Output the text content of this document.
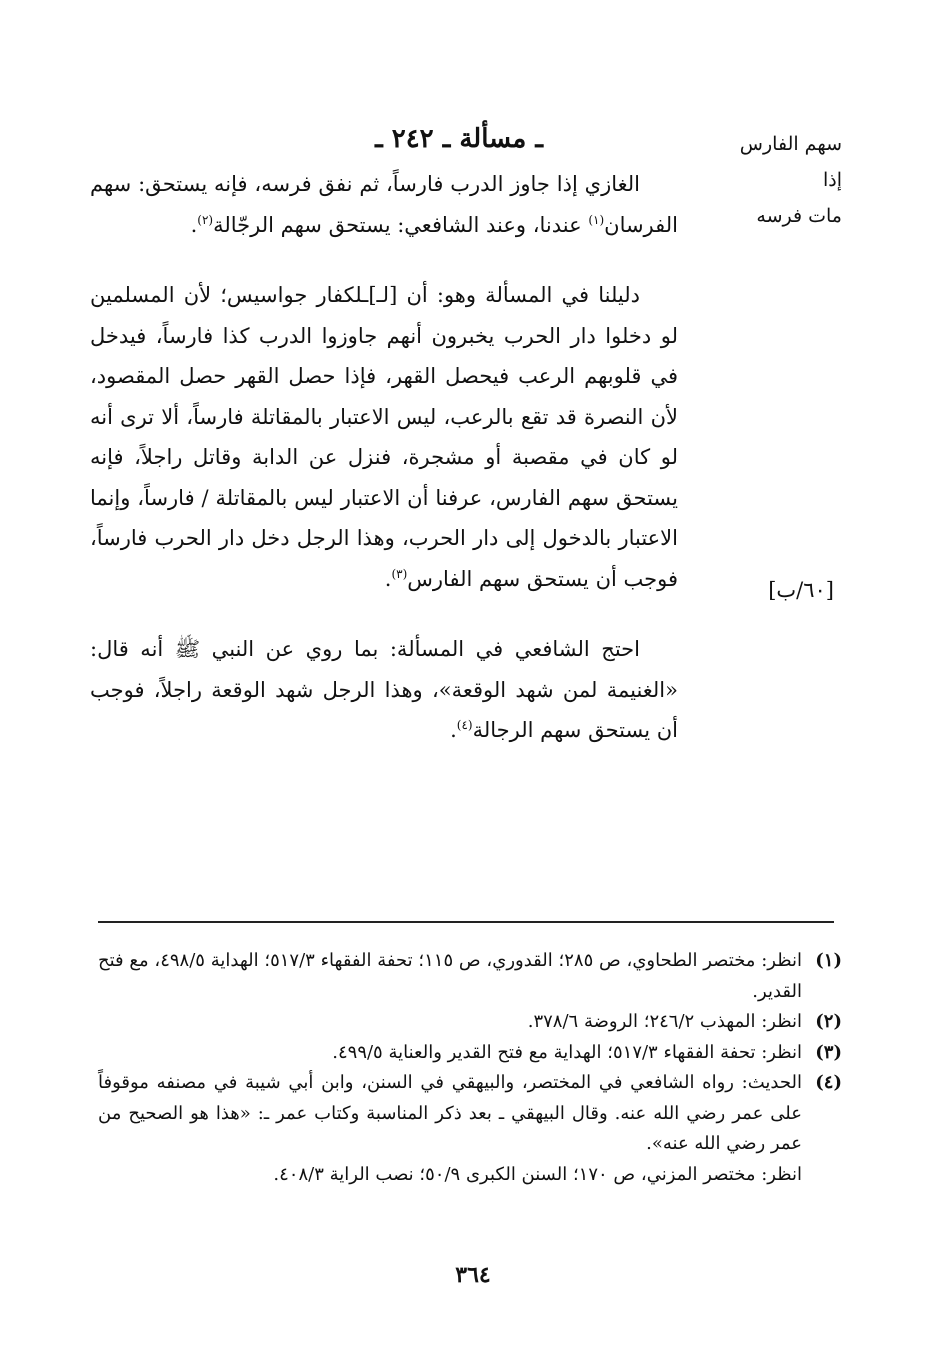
سهم الفارس إذا
مات فرسه
[٦٠/ب]
ـ مسألة ـ ٢٤٢ ـ

الغازي إذا جاوز الدرب فارساً، ثم نفق فرسه، فإنه يستحق: سهم الفرسان$^{(١)}$ عندنا، وعند الشافعي: يستحق سهم الرجّالة$^{(٢)}$.

دليلنا في المسألة وهو: أن [لـ]ـلكفار جواسيس؛ لأن المسلمين لو دخلوا دار الحرب يخبرون أنهم جاوزوا الدرب كذا فارساً، فيدخل في قلوبهم الرعب فيحصل القهر، فإذا حصل القهر حصل المقصود، لأن النصرة قد تقع بالرعب، ليس الاعتبار بالمقاتلة فارساً، ألا ترى أنه لو كان في مقصبة أو مشجرة، فنزل عن الدابة وقاتل راجلاً، فإنه يستحق سهم الفارس، عرفنا أن الاعتبار ليس بالمقاتلة / فارساً، وإنما الاعتبار بالدخول إلى دار الحرب، وهذا الرجل دخل دار الحرب فارساً، فوجب أن يستحق سهم الفارس$^{(٣)}$.

احتج الشافعي في المسألة: بما روي عن النبي ﷺ أنه قال: «الغنيمة لمن شهد الوقعة»، وهذا الرجل شهد الوقعة راجلاً، فوجب أن يستحق سهم الرجالة$^{(٤)}$.

(١)
انظر: مختصر الطحاوي، ص ٢٨٥؛ القدوري، ص ١١٥؛ تحفة الفقهاء ٥١٧/٣؛ الهداية ٤٩٨/٥، مع فتح القدير.
(٢)
انظر: المهذب ٢٤٦/٢؛ الروضة ٣٧٨/٦.
(٣)
انظر: تحفة الفقهاء ٥١٧/٣؛ الهداية مع فتح القدير والعناية ٤٩٩/٥.
(٤)
الحديث: رواه الشافعي في المختصر، والبيهقي في السنن، وابن أبي شيبة في مصنفه موقوفاً على عمر رضي الله عنه. وقال البيهقي ـ بعد ذكر المناسبة وكتاب عمر ـ: «هذا هو الصحيح من عمر رضي الله عنه».
انظر: مختصر المزني، ص ١٧٠؛ السنن الكبرى ٥٠/٩؛ نصب الراية ٤٠٨/٣.
٣٦٤
